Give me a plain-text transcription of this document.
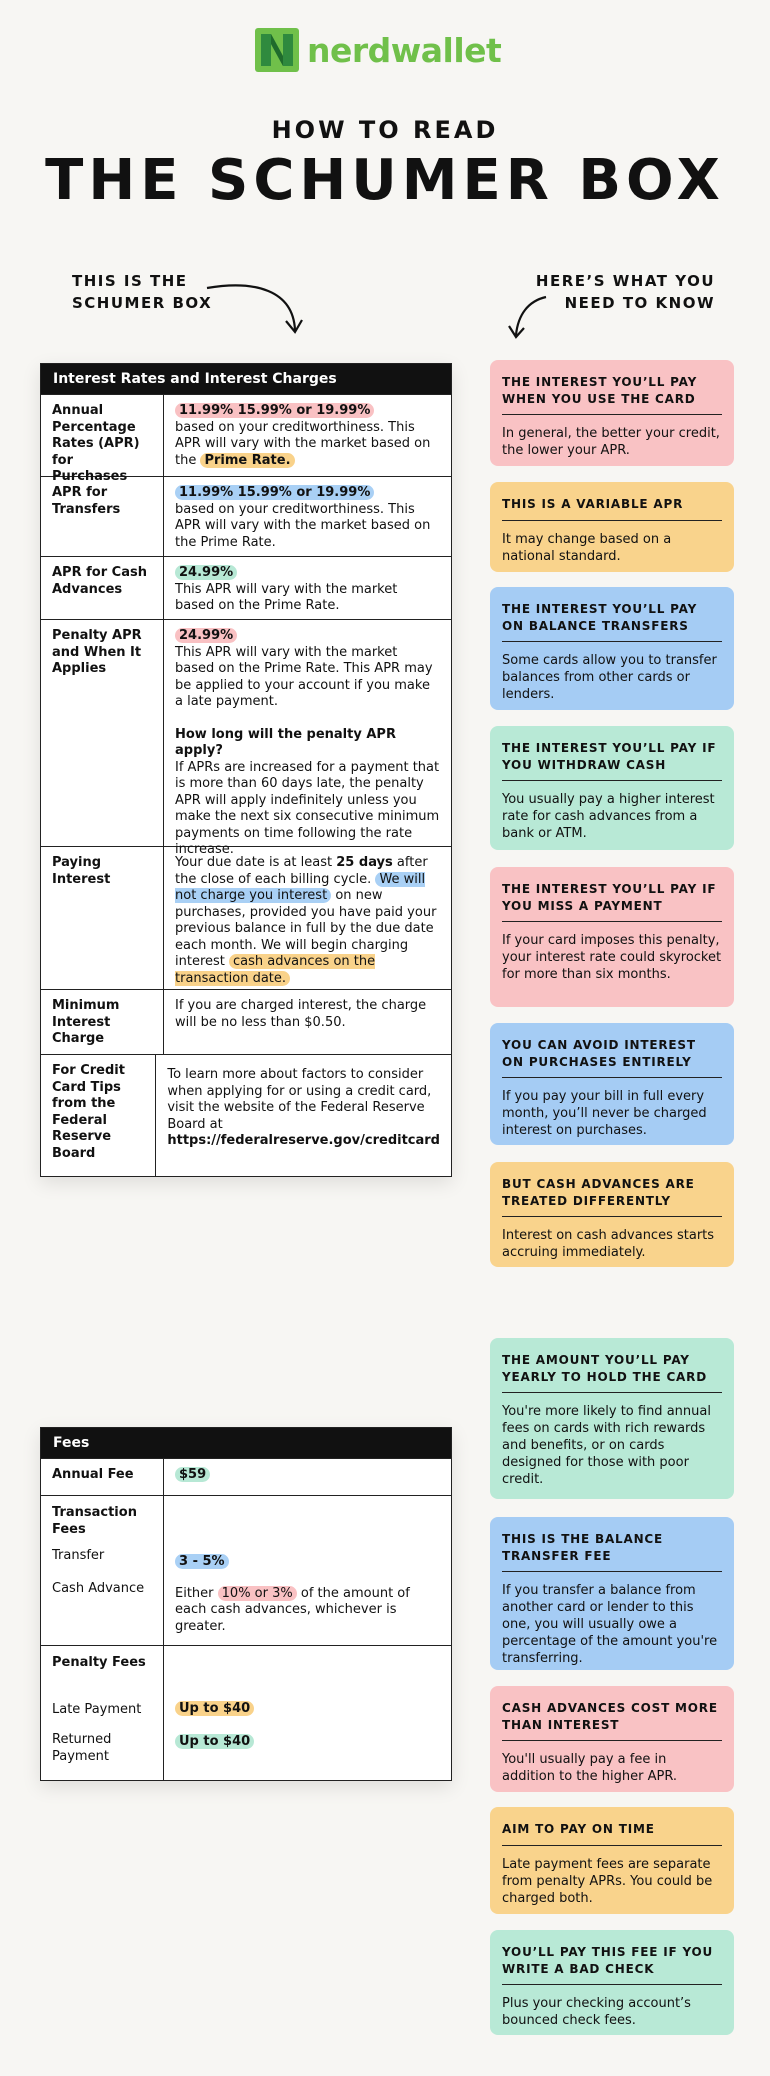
nerdwallet
HOW TO READ
THE SCHUMER BOX
THIS IS THE
SCHUMER BOX
HERE’S WHAT YOU
NEED TO KNOW
Interest Rates and Interest Charges
Annual Percentage Rates (APR) for Purchases
11.99% 15.99% or 19.99%
based on your creditworthiness. This APR will vary with the market based on the Prime Rate.
APR for Transfers
11.99% 15.99% or 19.99%
based on your creditworthiness. This APR will vary with the market based on the Prime Rate.
APR for Cash Advances
24.99%
This APR will vary with the market based on the Prime Rate.
Penalty APR and When It Applies
24.99%
This APR will vary with the market based on the Prime Rate. This APR may be applied to your account if you make a late payment.
How long will the penalty APR apply?
If APRs are increased for a payment that is more than 60 days late, the penalty APR will apply indefinitely unless you make the next six consecutive minimum payments on time following the rate increase.
Paying Interest
Your due date is at least 25 days after the close of each billing cycle. We will not charge you interest on new purchases, provided you have paid your previous balance in full by the due date each month. We will begin charging interest cash advances on the transaction date.
Minimum Interest Charge
If you are charged interest, the charge will be no less than $0.50.
For Credit Card Tips from the Federal Reserve Board
To learn more about factors to consider when applying for or using a credit card, visit the website of the Federal Reserve Board at
https://federalreserve.gov/creditcard
Fees
Annual Fee	$59
Transaction Fees
Transfer
Cash Advance
3 - 5%
Either 10% or 3% of the amount of each cash advances, whichever is greater.
Penalty Fees
Late Payment
Returned Payment
Up to $40
Up to $40
THE INTEREST YOU’LL PAY WHEN YOU USE THE CARD
In general, the better your credit, the lower your APR.
THIS IS A VARIABLE APR
It may change based on a national standard.
THE INTEREST YOU’LL PAY ON BALANCE TRANSFERS
Some cards allow you to transfer balances from other cards or lenders.
THE INTEREST YOU’LL PAY IF YOU WITHDRAW CASH
You usually pay a higher interest rate for cash advances from a bank or ATM.
THE INTEREST YOU’LL PAY IF YOU MISS A PAYMENT
If your card imposes this penalty, your interest rate could skyrocket for more than six months.
YOU CAN AVOID INTEREST ON PURCHASES ENTIRELY
If you pay your bill in full every month, you’ll never be charged interest on purchases.
BUT CASH ADVANCES ARE TREATED DIFFERENTLY
Interest on cash advances starts accruing immediately.
THE AMOUNT YOU’LL PAY YEARLY TO HOLD THE CARD
You're more likely to find annual fees on cards with rich rewards and benefits, or on cards designed for those with poor credit.
THIS IS THE BALANCE TRANSFER FEE
If you transfer a balance from another card or lender to this one, you will usually owe a percentage of the amount you're transferring.
CASH ADVANCES COST MORE THAN INTEREST
You'll usually pay a fee in addition to the higher APR.
AIM TO PAY ON TIME
Late payment fees are separate from penalty APRs. You could be charged both.
YOU’LL PAY THIS FEE IF YOU WRITE A BAD CHECK
Plus your checking account’s bounced check fees.
